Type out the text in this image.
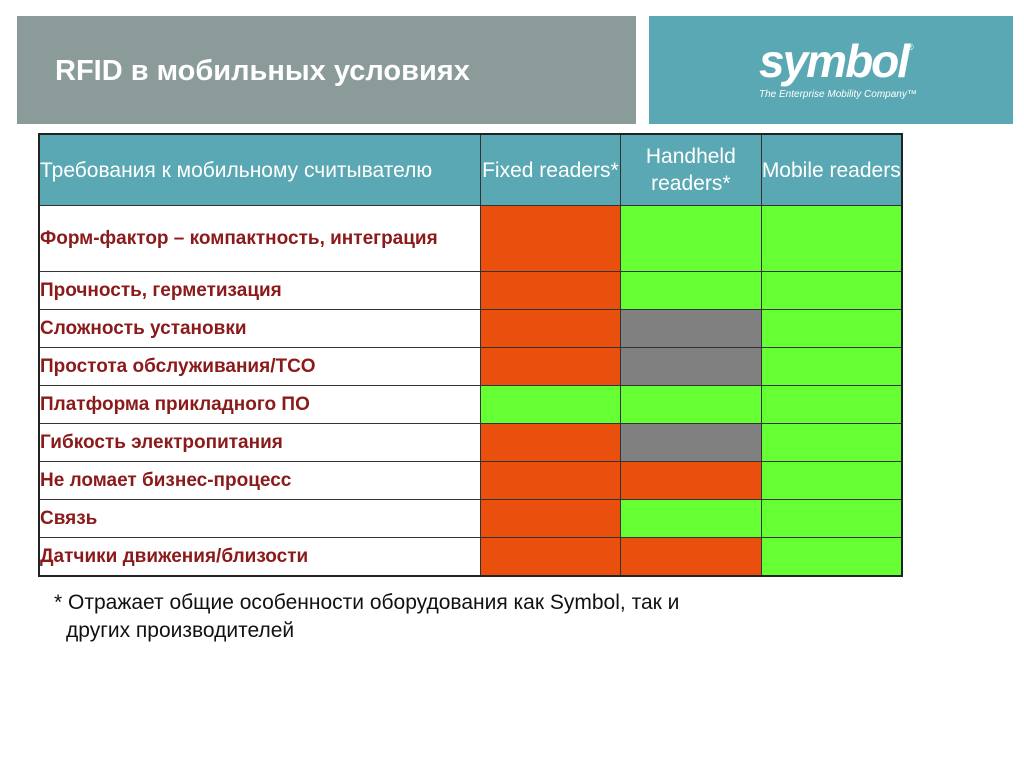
RFID в мобильных условиях	symbol
®
The Enterprise Mobility Company™
Требования к мобильному считывателю	Fixed readers*	Handheld readers*	Mobile readers
Форм-фактор – компактность, интеграция			
Прочность, герметизация			
Сложность установки			
Простота обслуживания/TCO			
Платформа прикладного ПО			
Гибкость электропитания			
Не ломает бизнес-процесс			
Связь			
Датчики движения/близости			
* Отражает общие особенности оборудования как Symbol, так и
другиx производителей
